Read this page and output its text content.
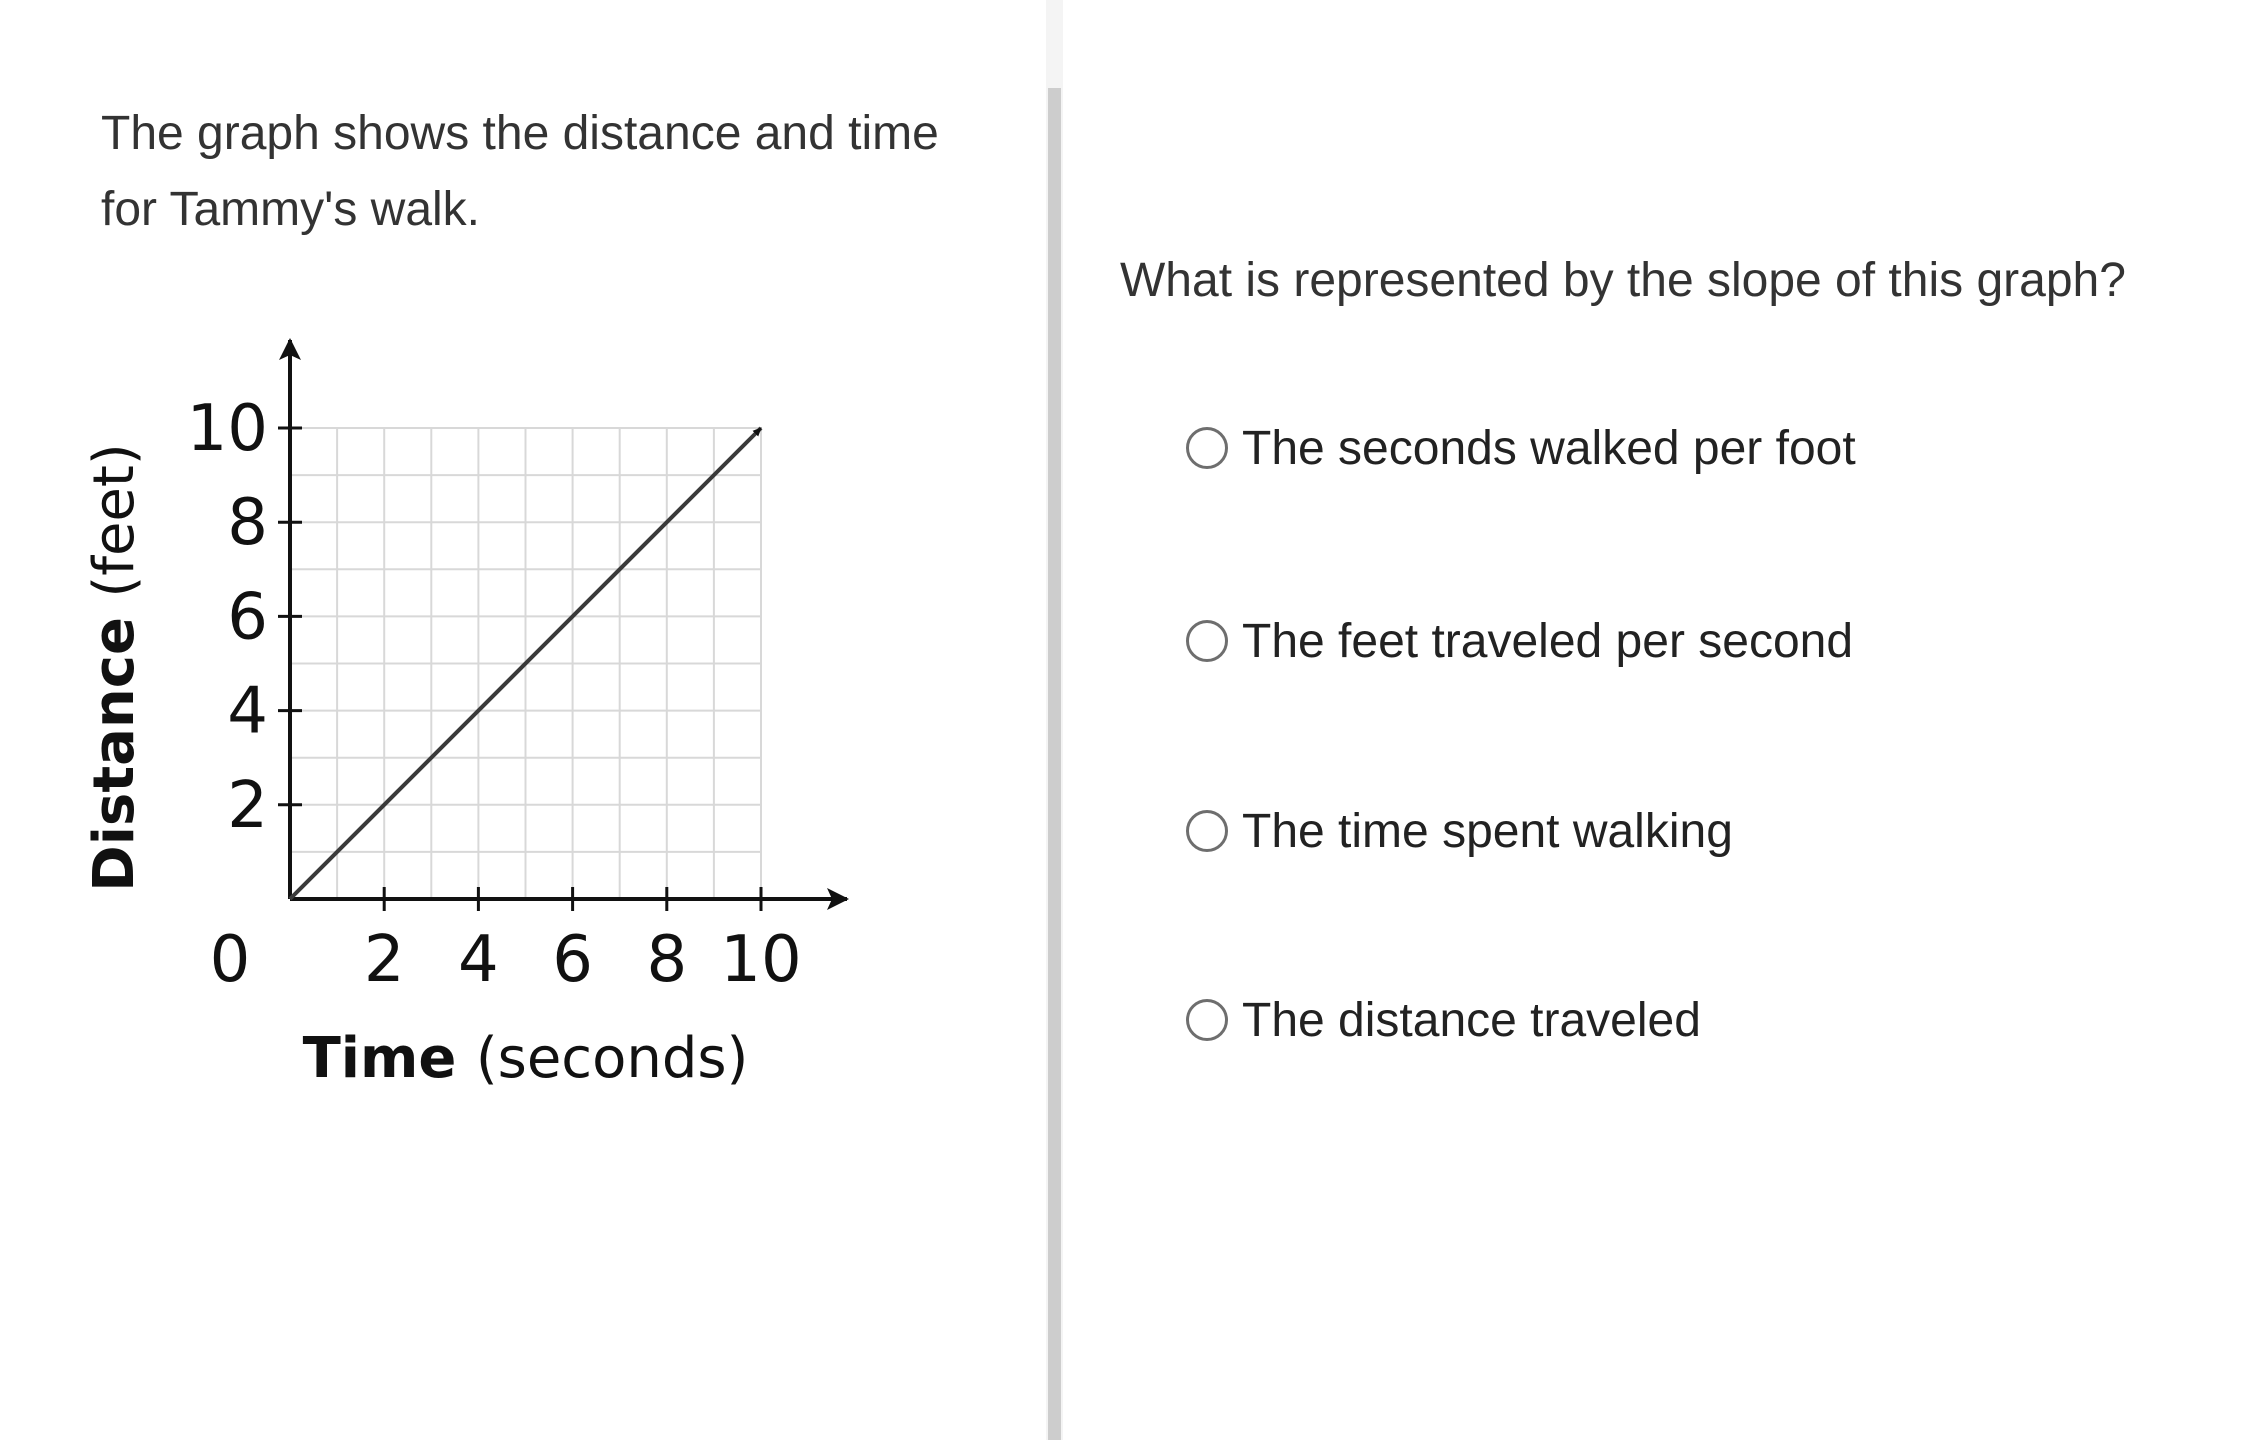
The graph shows the distance and time for Tammy's walk.

2 4 6 8 10
2
4
6
8
10
0
Time (seconds)
Distance (feet)
What is represented by the slope of this graph?
The seconds walked per foot
The feet traveled per second
The time spent walking
The distance traveled
